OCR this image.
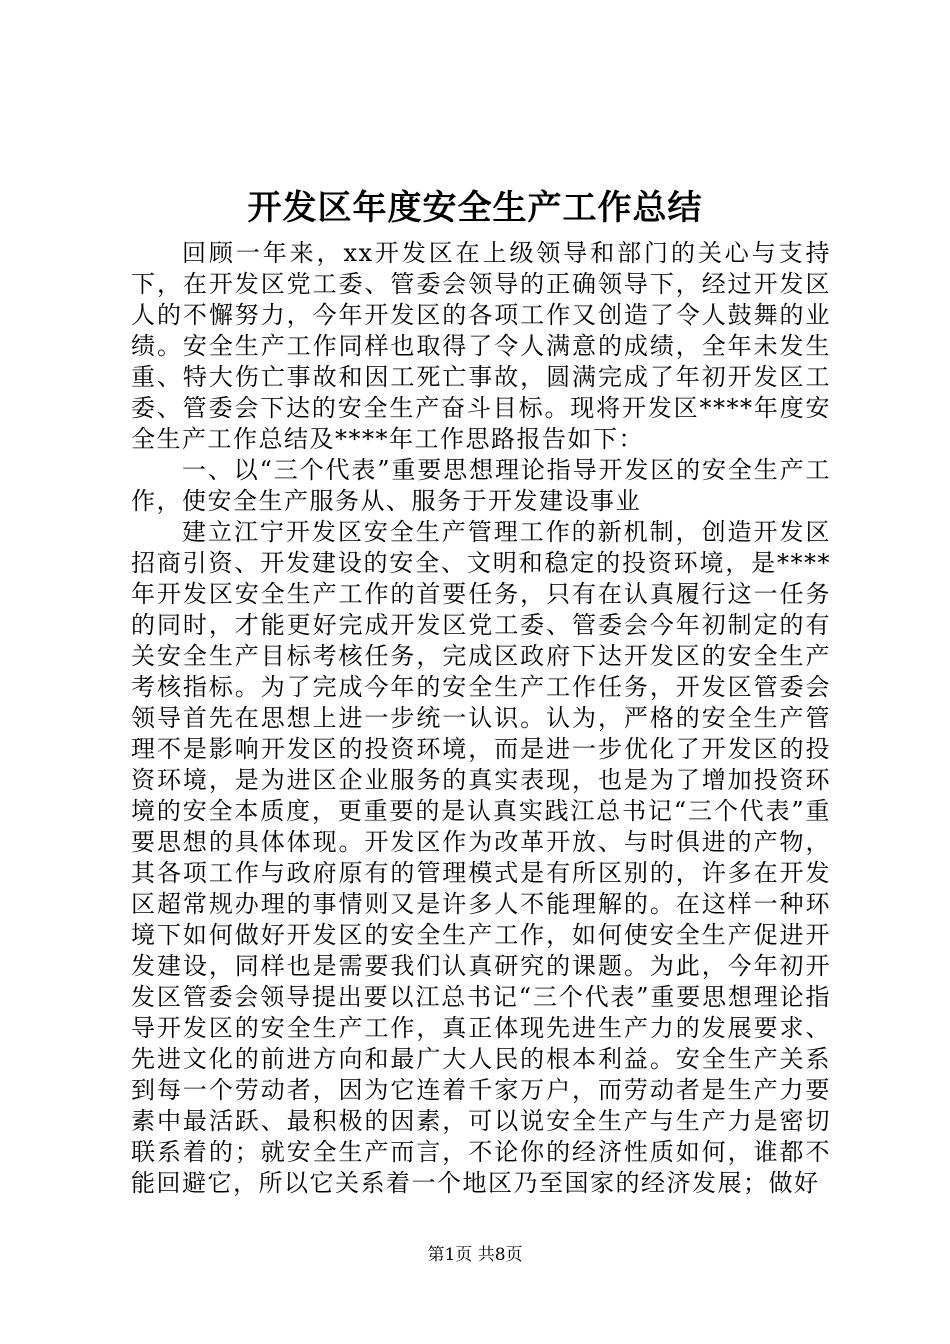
开发区年度安全生产工作总结

回顾一年来，xx开发区在上级领导和部门的关心与支持下，在开发区党工委、管委会领导的正确领导下，经过开发区人的不懈努力，今年开发区的各项工作又创造了令人鼓舞的业绩。安全生产工作同样也取得了令人满意的成绩，全年未发生重、特大伤亡事故和因工死亡事故，圆满完成了年初开发区工委、管委会下达的安全生产奋斗目标。现将开发区****年度安全生产工作总结及****年工作思路报告如下：

一、以“三个代表”重要思想理论指导开发区的安全生产工作，使安全生产服务从、服务于开发建设事业

建立江宁开发区安全生产管理工作的新机制，创造开发区招商引资、开发建设的安全、文明和稳定的投资环境，是****年开发区安全生产工作的首要任务，只有在认真履行这一任务的同时，才能更好完成开发区党工委、管委会今年初制定的有关安全生产目标考核任务，完成区政府下达开发区的安全生产考核指标。为了完成今年的安全生产工作任务，开发区管委会领导首先在思想上进一步统一认识。认为，严格的安全生产管理不是影响开发区的投资环境，而是进一步优化了开发区的投资环境，是为进区企业服务的真实表现，也是为了增加投资环境的安全本质度，更重要的是认真实践江总书记“三个代表”重要思想的具体体现。开发区作为改革开放、与时俱进的产物，其各项工作与政府原有的管理模式是有所区别的，许多在开发区超常规办理的事情则又是许多人不能理解的。在这样一种环境下如何做好开发区的安全生产工作，如何使安全生产促进开发建设，同样也是需要我们认真研究的课题。为此，今年初开发区管委会领导提出要以江总书记“三个代表”重要思想理论指导开发区的安全生产工作，真正体现先进生产力的发展要求、先进文化的前进方向和最广大人民的根本利益。安全生产关系到每一个劳动者，因为它连着千家万户，而劳动者是生产力要素中最活跃、最积极的因素，可以说安全生产与生产力是密切联系着的；就安全生产而言，不论你的经济性质如何，谁都不能回避它，所以它关系着一个地区乃至国家的经济发展；做好

第1页 共8页
